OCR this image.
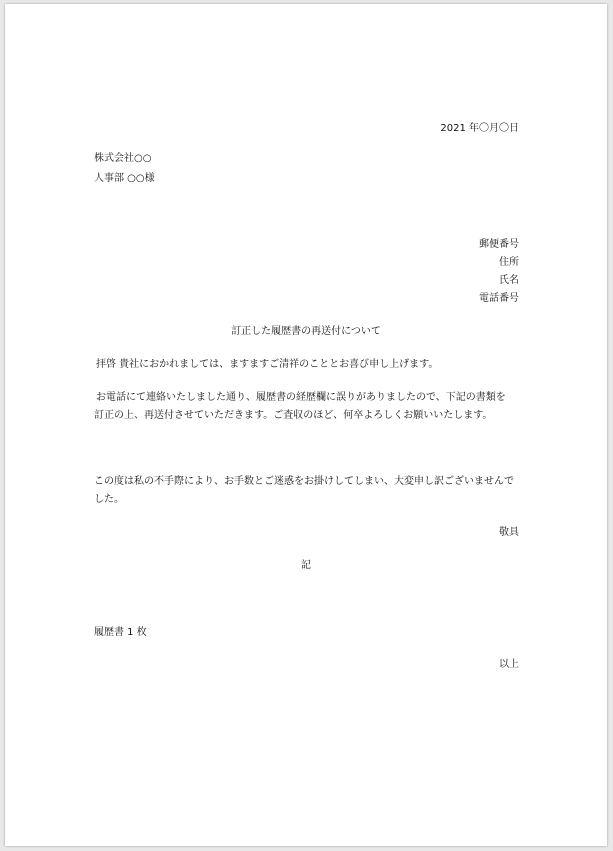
2021 年〇月〇日
株式会社○○
人事部 ○○様
郵便番号
住所
氏名
電話番号
訂正した履歴書の再送付について
拝啓 貴社におかれましては、ますますご清祥のこととお喜び申し上げます。
お電話にて連絡いたしました通り、履歴書の経歴欄に誤りがありましたので、下記の書類を
訂正の上、再送付させていただきます。ご査収のほど、何卒よろしくお願いいたします。
この度は私の不手際により、お手数とご迷惑をお掛けしてしまい、大変申し訳ございませんで
した。
敬具
記
履歴書 1 枚
以上
